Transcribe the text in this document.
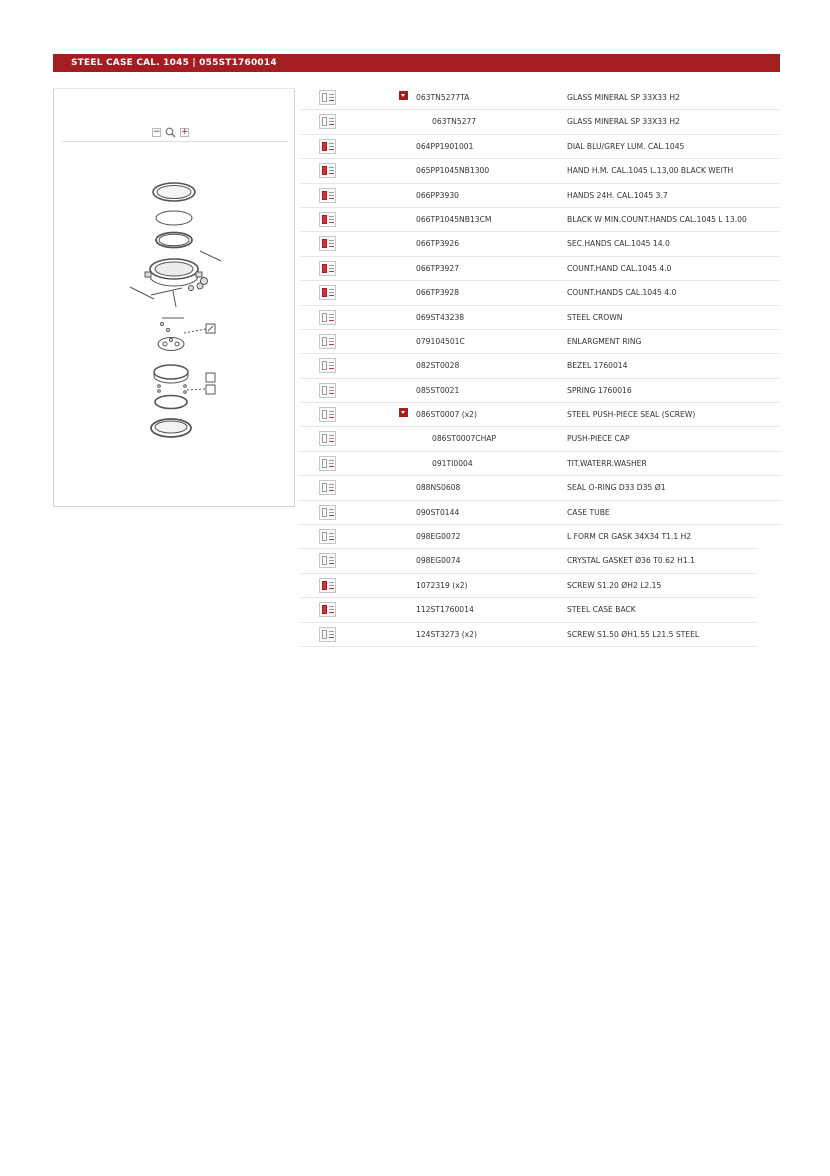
STEEL CASE CAL. 1045 | 055ST1760014
− +
063TN5277TA	GLASS MINERAL SP 33X33 H2
063TN5277	GLASS MINERAL SP 33X33 H2
064PP1901001	DIAL BLU/GREY LUM. CAL.1045
065PP1045NB1300	HAND H.M. CAL.1045 L.13,00 BLACK WEITH
066PP3930	HANDS 24H. CAL.1045 3.7
066TP1045NB13CM	BLACK W MIN.COUNT.HANDS CAL.1045 L 13.00
066TP3926	SEC.HANDS CAL.1045 14.0
066TP3927	COUNT.HAND CAL.1045 4.0
066TP3928	COUNT.HANDS CAL.1045 4.0
069ST43238	STEEL CROWN
079104501C	ENLARGMENT RING
082ST0028	BEZEL 1760014
085ST0021	SPRING 1760016
086ST0007 (x2)	STEEL PUSH-PIECE SEAL (SCREW)
086ST0007CHAP	PUSH-PIECE CAP
091TI0004	TIT.WATERR.WASHER
088NS0608	SEAL O-RING D33 D35 Ø1
090ST0144	CASE TUBE
098EG0072	L FORM CR GASK 34X34 T1.1 H2
098EG0074	CRYSTAL GASKET Ø36 T0.62 H1.1
1072319 (x2)	SCREW S1.20 ØH2 L2.15
112ST1760014	STEEL CASE BACK
124ST3273 (x2)	SCREW S1.50 ØH1.55 L21.5 STEEL
